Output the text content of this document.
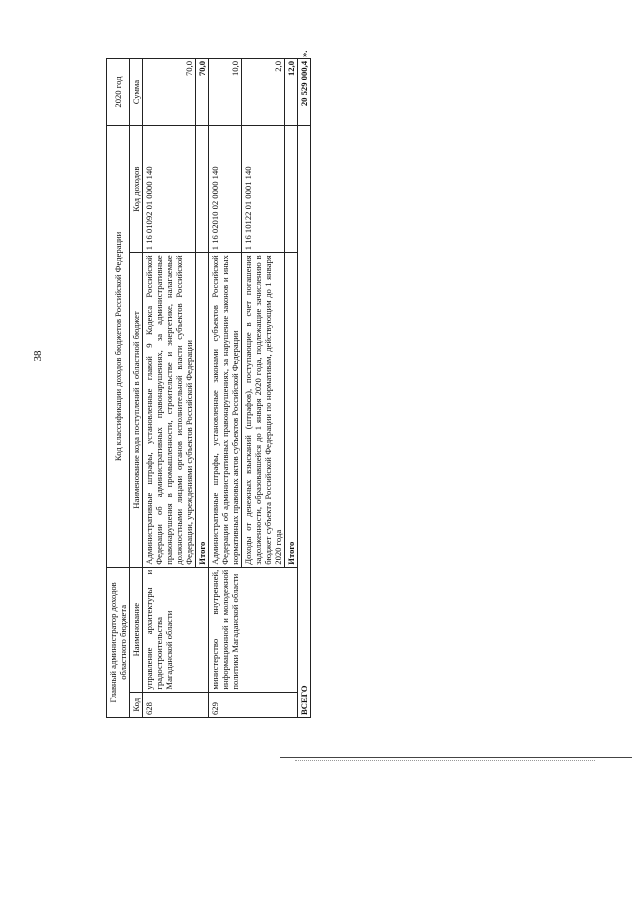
38
Главный администратор доходов областного бюджета		Код классификации доходов бюджетов Российской Федерации		2020 год
Код	Наименование	Наименование кода поступлений в областной бюджет	Код доходов	Сумма
628	управление архитектуры и градостроительства Магаданской области	Административные штрафы, установленные главой 9 Кодекса Российской Федерации об административных правонарушениях, за административные правонарушения в промышленности, строительстве и энергетике, налагаемые должностными лицами органов исполнительной власти субъектов Российской Федерации, учреждениями субъектов Российской Федерации	1 16 01092 01 0000 140	70,0
		Итого		70,0
629	министерство внутренней, информационной и молодежной политики Магаданской области	Административные штрафы, установленные законами субъектов Российской Федерации об административных правонарушениях, за нарушение законов и иных нормативных правовых актов субъектов Российской Федерации	1 16 02010 02 0000 140	10,0
		Доходы от денежных взысканий (штрафов), поступающие в счет погашения задолженности, образовавшейся до 1 января 2020 года, подлежащие зачислению в бюджет субъекта Российской Федерации по нормативам, действующим до 1 января 2020 года	1 16 10122 01 0001 140	2,0
		Итого		12,0
ВСЕГО				20 529 000,4
».
